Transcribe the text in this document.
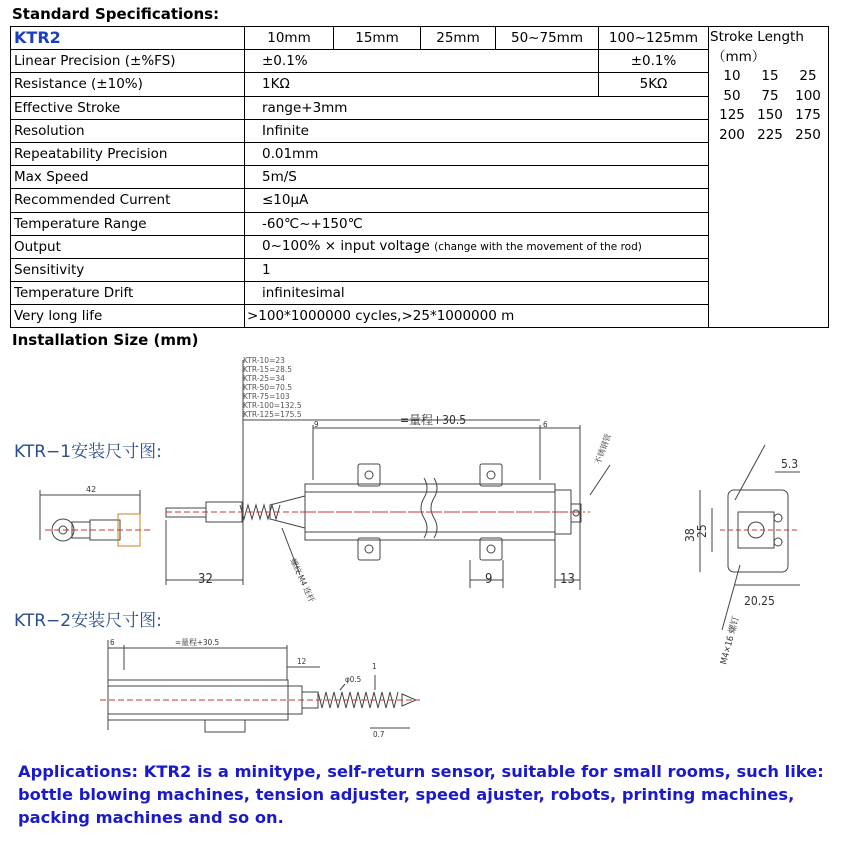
Standard Specifications:
KTR2	10mm	15mm	25mm	50~75mm	100~125mm
Linear Precision (±%FS)	±0.1%				±0.1%
Resistance (±10%)	1KΩ				5KΩ
Effective Stroke	range+3mm				
Resolution	Infinite				
Repeatability Precision	0.01mm				
Max Speed	5m/S				
Recommended Current	≤10μA				
Temperature Range	-60℃~+150℃				
Output	0~100% × input voltage (change with the movement of the rod)				
Sensitivity	1				
Temperature Drift	infinitesimal				
Very long life	>100*1000000 cycles,>25*1000000 m				
Stroke Length
（mm）
10	15	25
50	75	100
125 150 175
200 225 250
Installation Size (mm)
KTR−1安装尺寸图:
KTR−2安装尺寸图:
KTR-10=23
KTR-15=28.5
KTR-25=34
KTR-50=70.5
KTR-75=103
KTR-100=132.5
KTR-125=175.5	=量程+30.5
9	6
32	9	13
螺纹 M4 连杆
不锈钢管
42
5.3
38
25
20.25
M4×16 螺钉
6	=量程+30.5
12
1
φ0.5
0.7
Applications: KTR2 is a minitype, self-return sensor, suitable for small rooms, such like: bottle blowing machines, tension adjuster, speed ajuster, robots, printing machines, packing machines and so on.
